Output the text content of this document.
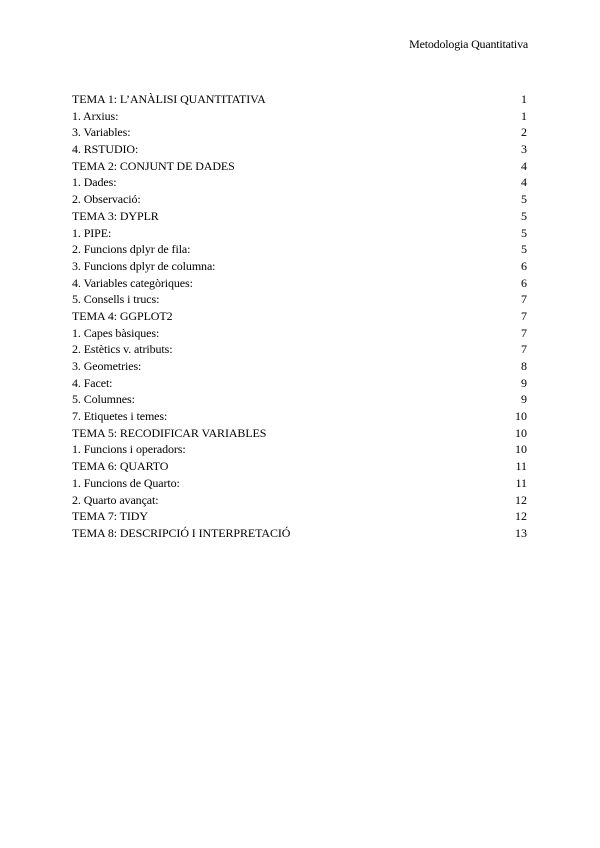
Metodologia Quantitativa
TEMA 1: L’ANÀLISI QUANTITATIVA	1
1. Arxius:	1
3. Variables:	2
4. RSTUDIO:	3
TEMA 2: CONJUNT DE DADES	4
1. Dades:	4
2. Observació:	5
TEMA 3: DYPLR	5
1. PIPE:	5
2. Funcions dplyr de fila:	5
3. Funcions dplyr de columna:	6
4. Variables categòriques:	6
5. Consells i trucs:	7
TEMA 4: GGPLOT2	7
1. Capes bàsiques:	7
2. Estètics v. atributs:	7
3. Geometries:	8
4. Facet:	9
5. Columnes:	9
7. Etiquetes i temes:	10
TEMA 5: RECODIFICAR VARIABLES	10
1. Funcions i operadors:	10
TEMA 6: QUARTO	11
1. Funcions de Quarto:	11
2. Quarto avançat:	12
TEMA 7: TIDY	12
TEMA 8: DESCRIPCIÓ I INTERPRETACIÓ	13
